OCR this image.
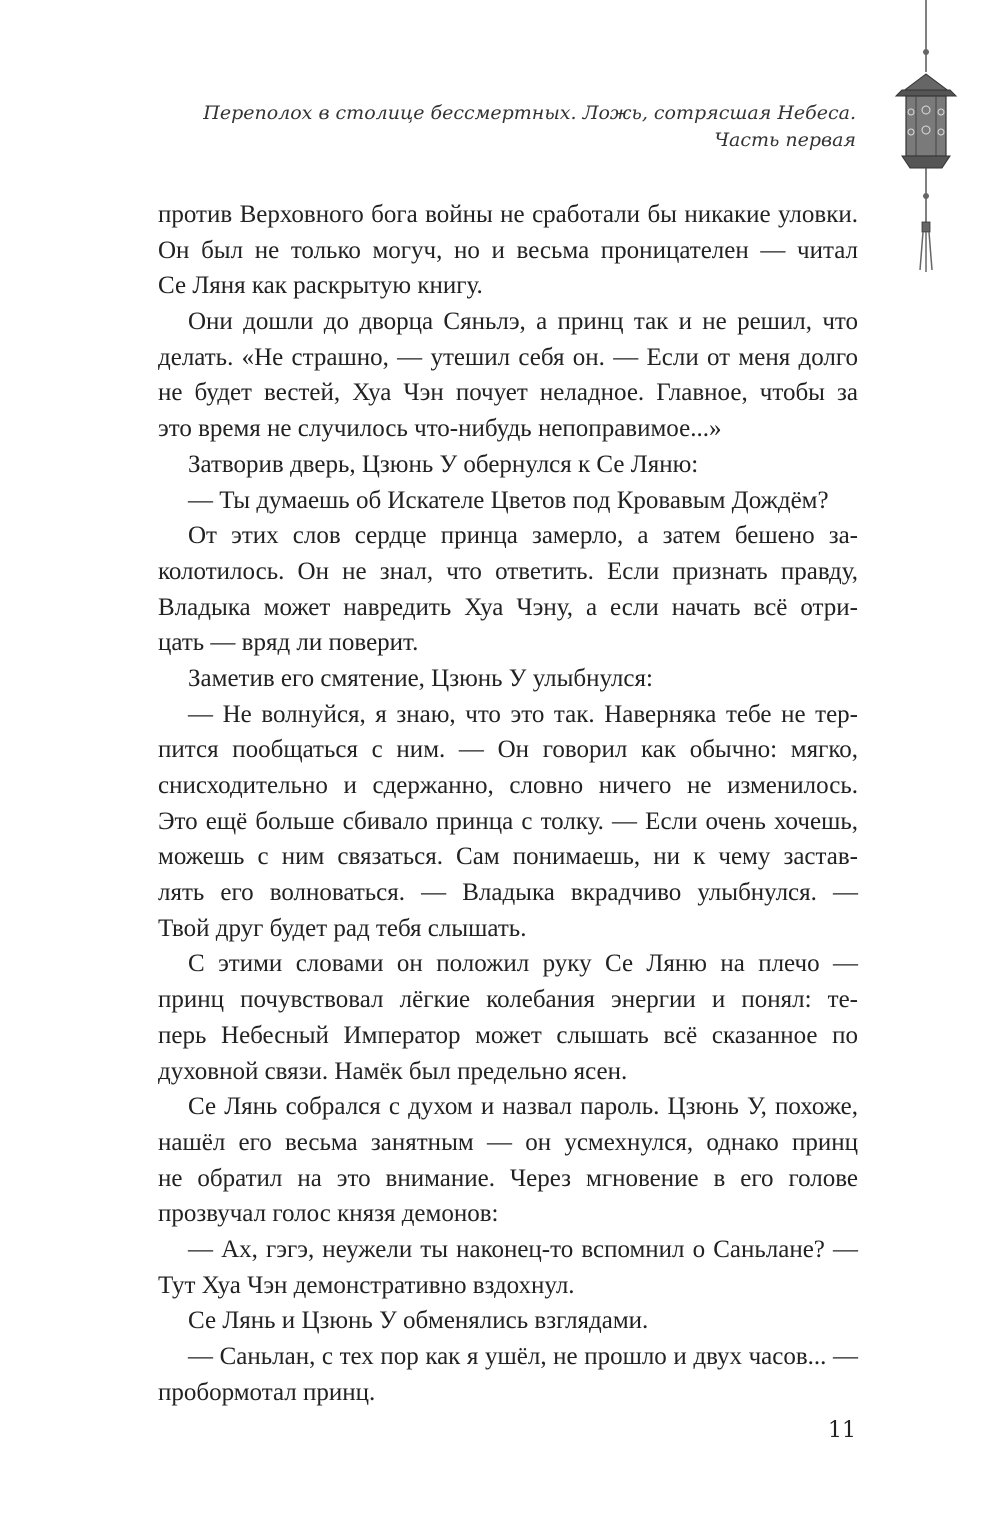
Переполох в столице бессмертных. Ложь, сотрясшая Небеса.
Часть первая
против Верховного бога войны не сработали бы никакие уловки.
Он был не только могуч, но и весьма проницателен — читал
Се Ляня как раскрытую книгу.
Они дошли до дворца Сяньлэ, а принц так и не решил, что
делать. «Не страшно, — утешил себя он. — Если от меня долго
не будет вестей, Хуа Чэн почует неладное. Главное, чтобы за
это время не случилось что-нибудь непоправимое...»
Затворив дверь, Цзюнь У обернулся к Се Ляню:
— Ты думаешь об Искателе Цветов под Кровавым Дождём?
От этих слов сердце принца замерло, а затем бешено за-
колотилось. Он не знал, что ответить. Если признать правду,
Владыка может навредить Хуа Чэну, а если начать всё отри-
цать — вряд ли поверит.
Заметив его смятение, Цзюнь У улыбнулся:
— Не волнуйся, я знаю, что это так. Наверняка тебе не тер-
пится пообщаться с ним. — Он говорил как обычно: мягко,
снисходительно и сдержанно, словно ничего не изменилось.
Это ещё больше сбивало принца с толку. — Если очень хочешь,
можешь с ним связаться. Сам понимаешь, ни к чему застав-
лять его волноваться. — Владыка вкрадчиво улыбнулся. —
Твой друг будет рад тебя слышать.
С этими словами он положил руку Се Ляню на плечо —
принц почувствовал лёгкие колебания энергии и понял: те-
перь Небесный Император может слышать всё сказанное по
духовной связи. Намёк был предельно ясен.
Се Лянь собрался с духом и назвал пароль. Цзюнь У, похоже,
нашёл его весьма занятным — он усмехнулся, однако принц
не обратил на это внимание. Через мгновение в его голове
прозвучал голос князя демонов:
— Ах, гэгэ, неужели ты наконец-то вспомнил о Саньлане? —
Тут Хуа Чэн демонстративно вздохнул.
Се Лянь и Цзюнь У обменялись взглядами.
— Саньлан, с тех пор как я ушёл, не прошло и двух часов... —
пробормотал принц.
11
